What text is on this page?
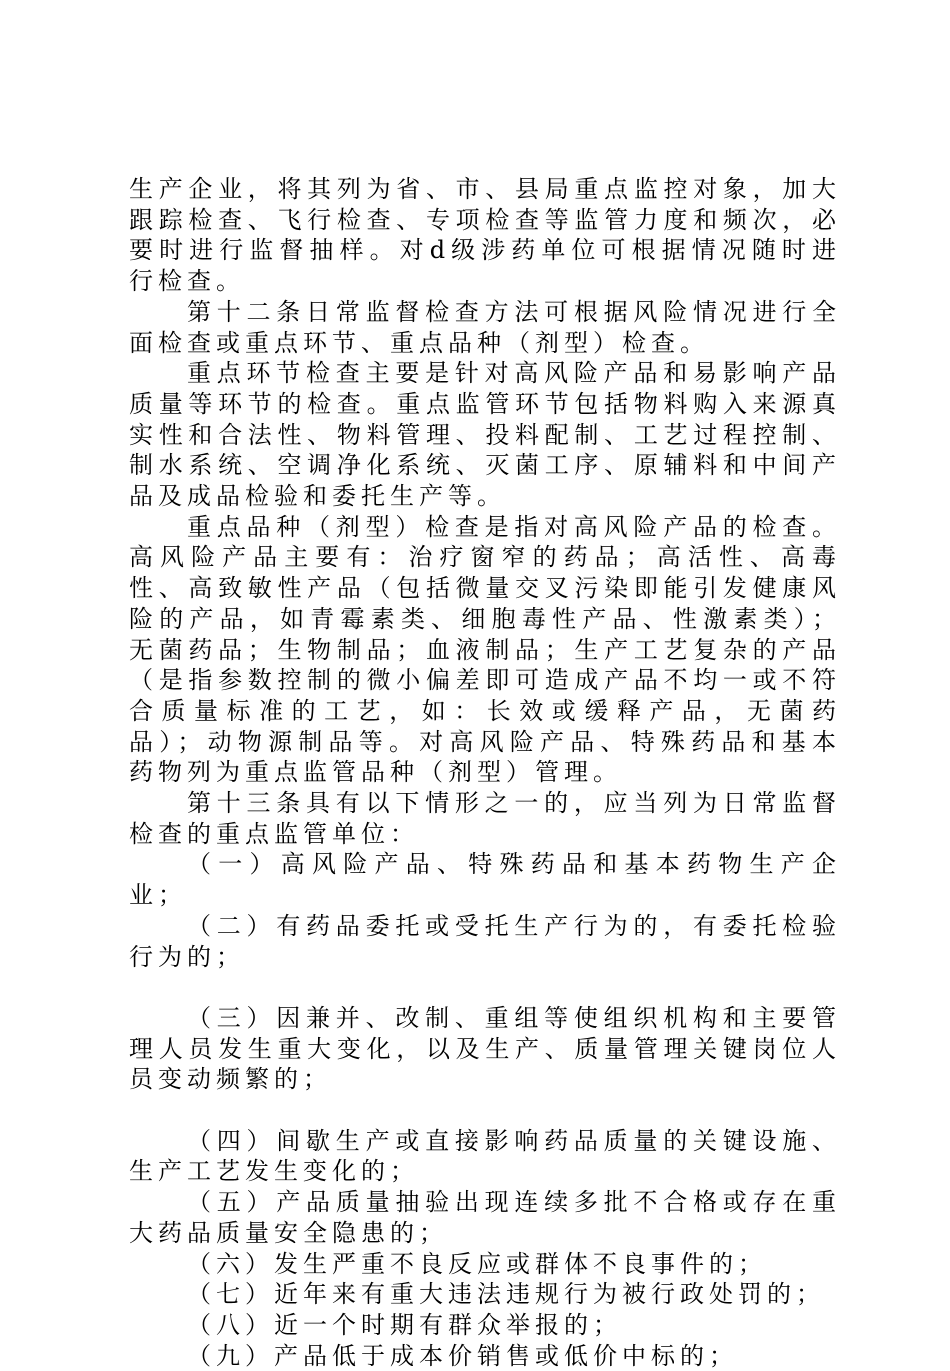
生产企业，将其列为省、市、县局重点监控对象，加大跟踪检查、飞行检查、专项检查等监管力度和频次，必要时进行监督抽样。对d级涉药单位可根据情况随时进行检查。

第十二条日常监督检查方法可根据风险情况进行全面检查或重点环节、重点品种（剂型）检查。

重点环节检查主要是针对高风险产品和易影响产品质量等环节的检查。重点监管环节包括物料购入来源真实性和合法性、物料管理、投料配制、工艺过程控制、制水系统、空调净化系统、灭菌工序、原辅料和中间产品及成品检验和委托生产等。

重点品种（剂型）检查是指对高风险产品的检查。高风险产品主要有：治疗窗窄的药品；高活性、高毒性、高致敏性产品（包括微量交叉污染即能引发健康风险的产品，如青霉素类、细胞毒性产品、性激素类）；无菌药品；生物制品；血液制品；生产工艺复杂的产品（是指参数控制的微小偏差即可造成产品不均一或不符合质量标准的工艺，如：长效或缓释产品，无菌药品）；动物源制品等。对高风险产品、特殊药品和基本药物列为重点监管品种（剂型）管理。

第十三条具有以下情形之一的，应当列为日常监督检查的重点监管单位：

（一）高风险产品、特殊药品和基本药物生产企业；

（二）有药品委托或受托生产行为的，有委托检验行为的；

（三）因兼并、改制、重组等使组织机构和主要管理人员发生重大变化，以及生产、质量管理关键岗位人员变动频繁的；

（四）间歇生产或直接影响药品质量的关键设施、生产工艺发生变化的；

（五）产品质量抽验出现连续多批不合格或存在重大药品质量安全隐患的；

（六）发生严重不良反应或群体不良事件的；

（七）近年来有重大违法违规行为被行政处罚的；

（八）近一个时期有群众举报的；

（九）产品低于成本价销售或低价中标的；
